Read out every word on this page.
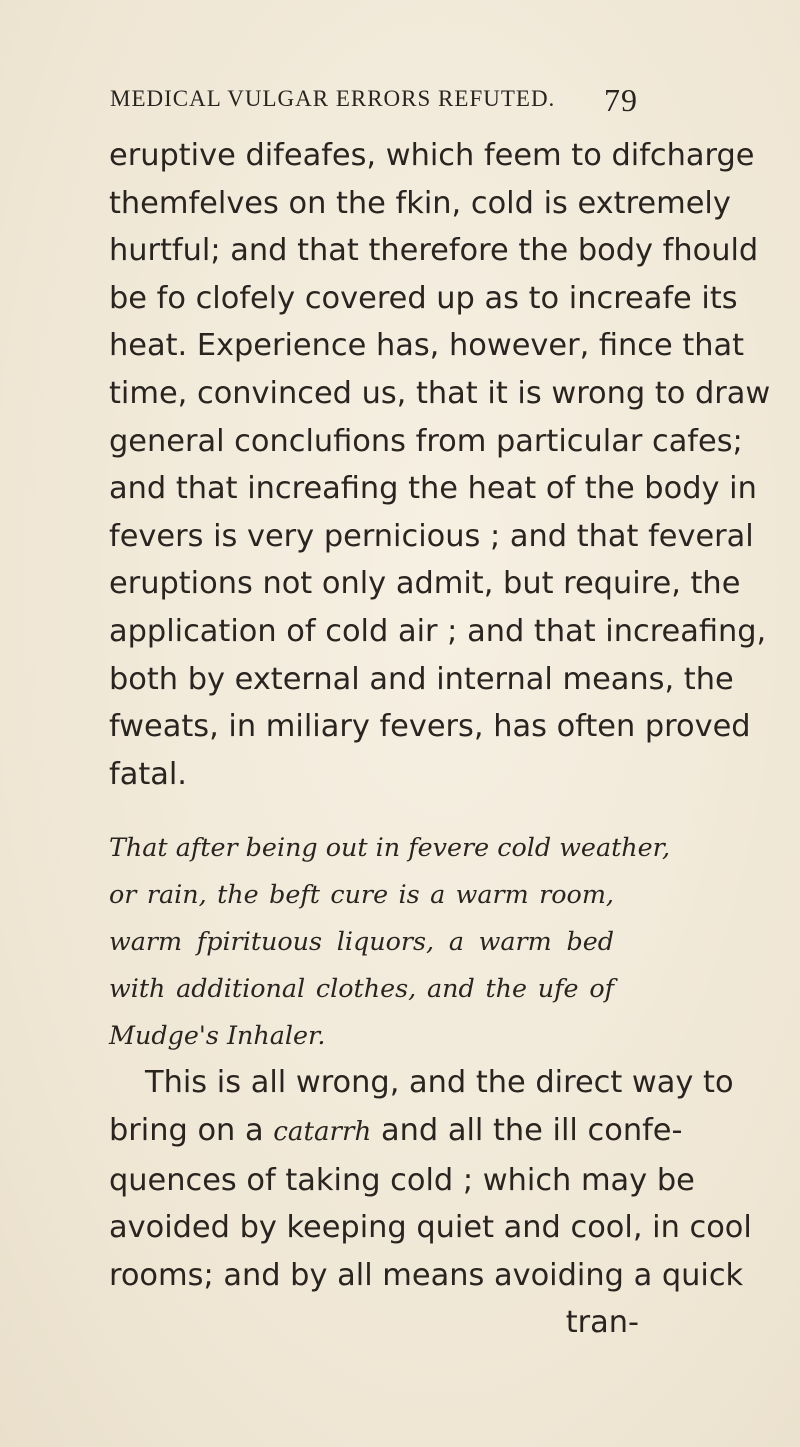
MEDICAL VULGAR ERRORS REFUTED. 79

eruptive difeafes, which feem to difcharge
themfelves on the fkin, cold is extremely
hurtful; and that therefore the body fhould
be fo clofely covered up as to increafe its
heat. Experience has, however, fince that
time, convinced us, that it is wrong to draw
general conclufions from particular cafes;
and that increafing the heat of the body in
fevers is very pernicious ; and that feveral
eruptions not only admit, but require, the
application of cold air ; and that increafing,
both by external and internal means, the
fweats, in miliary fevers, has often proved
fatal.

That after being out in fevere cold weather,
or rain, the beft cure is a warm room,
warm fpirituous liquors, a warm bed
with additional clothes, and the ufe of
Mudge's Inhaler.

This is all wrong, and the direct way to
bring on a catarrh and all the ill confe-
quences of taking cold ; which may be
avoided by keeping quiet and cool, in cool
rooms; and by all means avoiding a quick
tran-
